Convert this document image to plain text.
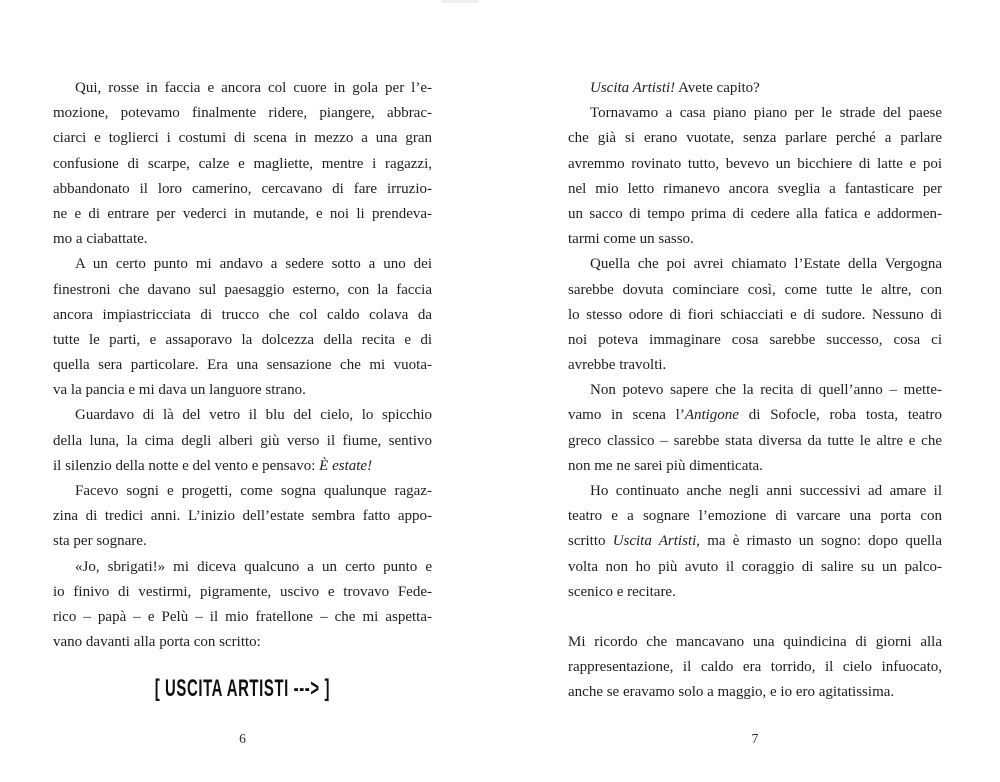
Qui, rosse in faccia e ancora col cuore in gola per l’e-
mozione, potevamo finalmente ridere, piangere, abbrac-
ciarci e toglierci i costumi di scena in mezzo a una gran
confusione di scarpe, calze e magliette, mentre i ragazzi,
abbandonato il loro camerino, cercavano di fare irruzio-
ne e di entrare per vederci in mutande, e noi li prendeva-
mo a ciabattate.
A un certo punto mi andavo a sedere sotto a uno dei
finestroni che davano sul paesaggio esterno, con la faccia
ancora impiastricciata di trucco che col caldo colava da
tutte le parti, e assaporavo la dolcezza della recita e di
quella sera particolare. Era una sensazione che mi vuota-
va la pancia e mi dava un languore strano.
Guardavo di là del vetro il blu del cielo, lo spicchio
della luna, la cima degli alberi giù verso il fiume, sentivo
il silenzio della notte e del vento e pensavo: È estate!
Facevo sogni e progetti, come sogna qualunque ragaz-
zina di tredici anni. L’inizio dell’estate sembra fatto appo-
sta per sognare.
«Jo, sbrigati!» mi diceva qualcuno a un certo punto e
io finivo di vestirmi, pigramente, uscivo e trovavo Fede-
rico – papà – e Pelù – il mio fratellone – che mi aspetta-
vano davanti alla porta con scritto:
[ USCITA ARTISTI ---> ]
Uscita Artisti! Avete capito?
Tornavamo a casa piano piano per le strade del paese
che già si erano vuotate, senza parlare perché a parlare
avremmo rovinato tutto, bevevo un bicchiere di latte e poi
nel mio letto rimanevo ancora sveglia a fantasticare per
un sacco di tempo prima di cedere alla fatica e addormen-
tarmi come un sasso.
Quella che poi avrei chiamato l’Estate della Vergogna
sarebbe dovuta cominciare così, come tutte le altre, con
lo stesso odore di fiori schiacciati e di sudore. Nessuno di
noi poteva immaginare cosa sarebbe successo, cosa ci
avrebbe travolti.
Non potevo sapere che la recita di quell’anno – mette-
vamo in scena l’Antigone di Sofocle, roba tosta, teatro
greco classico – sarebbe stata diversa da tutte le altre e che
non me ne sarei più dimenticata.
Ho continuato anche negli anni successivi ad amare il
teatro e a sognare l’emozione di varcare una porta con
scritto Uscita Artisti, ma è rimasto un sogno: dopo quella
volta non ho più avuto il coraggio di salire su un palco-
scenico e recitare.
Mi ricordo che mancavano una quindicina di giorni alla
rappresentazione, il caldo era torrido, il cielo infuocato,
anche se eravamo solo a maggio, e io ero agitatissima.
6	7
